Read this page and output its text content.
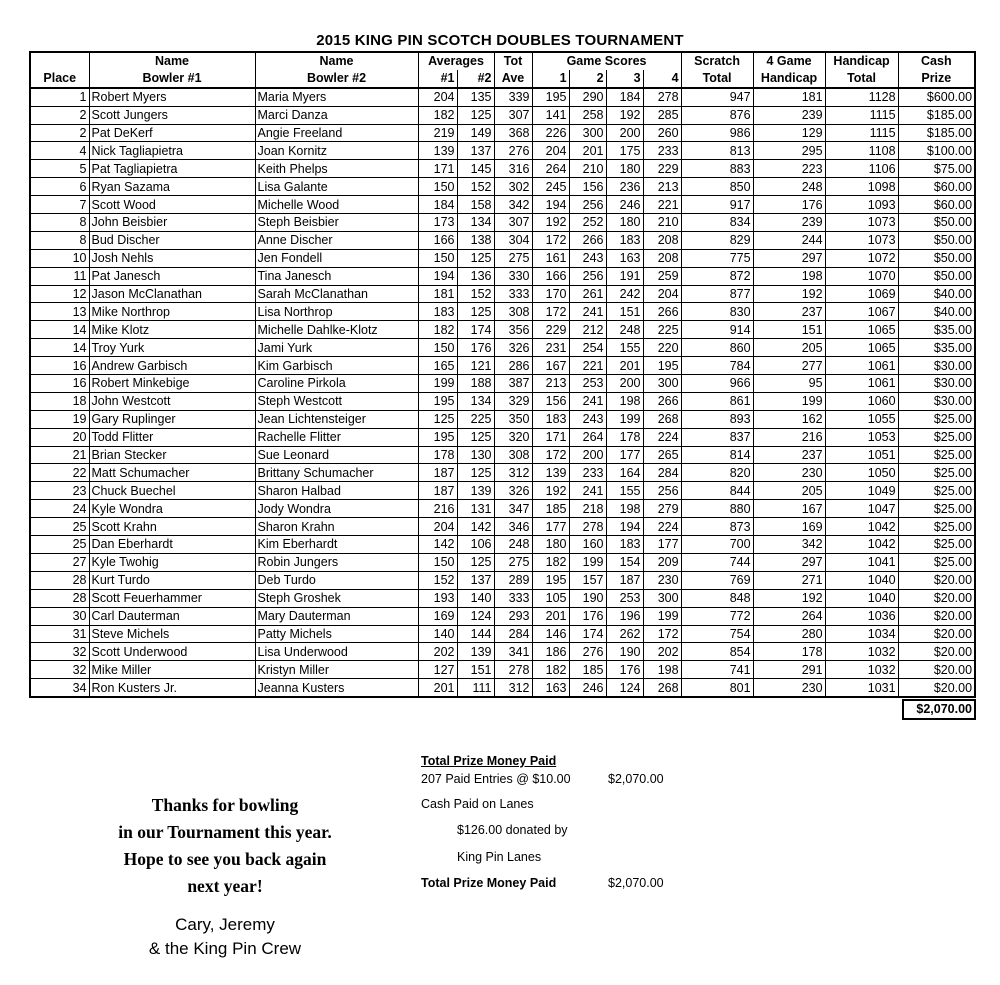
2015 KING PIN SCOTCH DOUBLES TOURNAMENT
	Name	Name	Averages		Tot	Game Scores				Scratch	4 Game	Handicap	Cash
Place	Bowler #1	Bowler #2	#1	#2	Ave	1	2	3	4	Total	Handicap	Total	Prize
1	Robert Myers	Maria Myers	204	135	339	195	290	184	278	947	181	1128	$600.00
2	Scott Jungers	Marci Danza	182	125	307	141	258	192	285	876	239	1115	$185.00
2	Pat DeKerf	Angie Freeland	219	149	368	226	300	200	260	986	129	1115	$185.00
4	Nick Tagliapietra	Joan Kornitz	139	137	276	204	201	175	233	813	295	1108	$100.00
5	Pat Tagliapietra	Keith Phelps	171	145	316	264	210	180	229	883	223	1106	$75.00
6	Ryan Sazama	Lisa Galante	150	152	302	245	156	236	213	850	248	1098	$60.00
7	Scott Wood	Michelle Wood	184	158	342	194	256	246	221	917	176	1093	$60.00
8	John Beisbier	Steph Beisbier	173	134	307	192	252	180	210	834	239	1073	$50.00
8	Bud Discher	Anne Discher	166	138	304	172	266	183	208	829	244	1073	$50.00
10	Josh Nehls	Jen Fondell	150	125	275	161	243	163	208	775	297	1072	$50.00
11	Pat Janesch	Tina Janesch	194	136	330	166	256	191	259	872	198	1070	$50.00
12	Jason McClanathan	Sarah McClanathan	181	152	333	170	261	242	204	877	192	1069	$40.00
13	Mike Northrop	Lisa Northrop	183	125	308	172	241	151	266	830	237	1067	$40.00
14	Mike Klotz	Michelle Dahlke-Klotz	182	174	356	229	212	248	225	914	151	1065	$35.00
14	Troy Yurk	Jami Yurk	150	176	326	231	254	155	220	860	205	1065	$35.00
16	Andrew Garbisch	Kim Garbisch	165	121	286	167	221	201	195	784	277	1061	$30.00
16	Robert Minkebige	Caroline Pirkola	199	188	387	213	253	200	300	966	95	1061	$30.00
18	John Westcott	Steph Westcott	195	134	329	156	241	198	266	861	199	1060	$30.00
19	Gary Ruplinger	Jean Lichtensteiger	125	225	350	183	243	199	268	893	162	1055	$25.00
20	Todd Flitter	Rachelle Flitter	195	125	320	171	264	178	224	837	216	1053	$25.00
21	Brian Stecker	Sue Leonard	178	130	308	172	200	177	265	814	237	1051	$25.00
22	Matt Schumacher	Brittany Schumacher	187	125	312	139	233	164	284	820	230	1050	$25.00
23	Chuck Buechel	Sharon Halbad	187	139	326	192	241	155	256	844	205	1049	$25.00
24	Kyle Wondra	Jody Wondra	216	131	347	185	218	198	279	880	167	1047	$25.00
25	Scott Krahn	Sharon Krahn	204	142	346	177	278	194	224	873	169	1042	$25.00
25	Dan Eberhardt	Kim Eberhardt	142	106	248	180	160	183	177	700	342	1042	$25.00
27	Kyle Twohig	Robin Jungers	150	125	275	182	199	154	209	744	297	1041	$25.00
28	Kurt Turdo	Deb Turdo	152	137	289	195	157	187	230	769	271	1040	$20.00
28	Scott Feuerhammer	Steph Groshek	193	140	333	105	190	253	300	848	192	1040	$20.00
30	Carl Dauterman	Mary Dauterman	169	124	293	201	176	196	199	772	264	1036	$20.00
31	Steve Michels	Patty Michels	140	144	284	146	174	262	172	754	280	1034	$20.00
32	Scott Underwood	Lisa Underwood	202	139	341	186	276	190	202	854	178	1032	$20.00
32	Mike Miller	Kristyn Miller	127	151	278	182	185	176	198	741	291	1032	$20.00
34	Ron Kusters Jr.	Jeanna Kusters	201	111	312	163	246	124	268	801	230	1031	$20.00
$2,070.00
Total Prize Money Paid
207 Paid Entries @ $10.00	$2,070.00
Cash Paid on Lanes
$126.00 donated by
King Pin Lanes
Total Prize Money Paid	$2,070.00
Thanks for bowling
in our Tournament this year.
Hope to see you back again
next year!
Cary, Jeremy
& the King Pin Crew
